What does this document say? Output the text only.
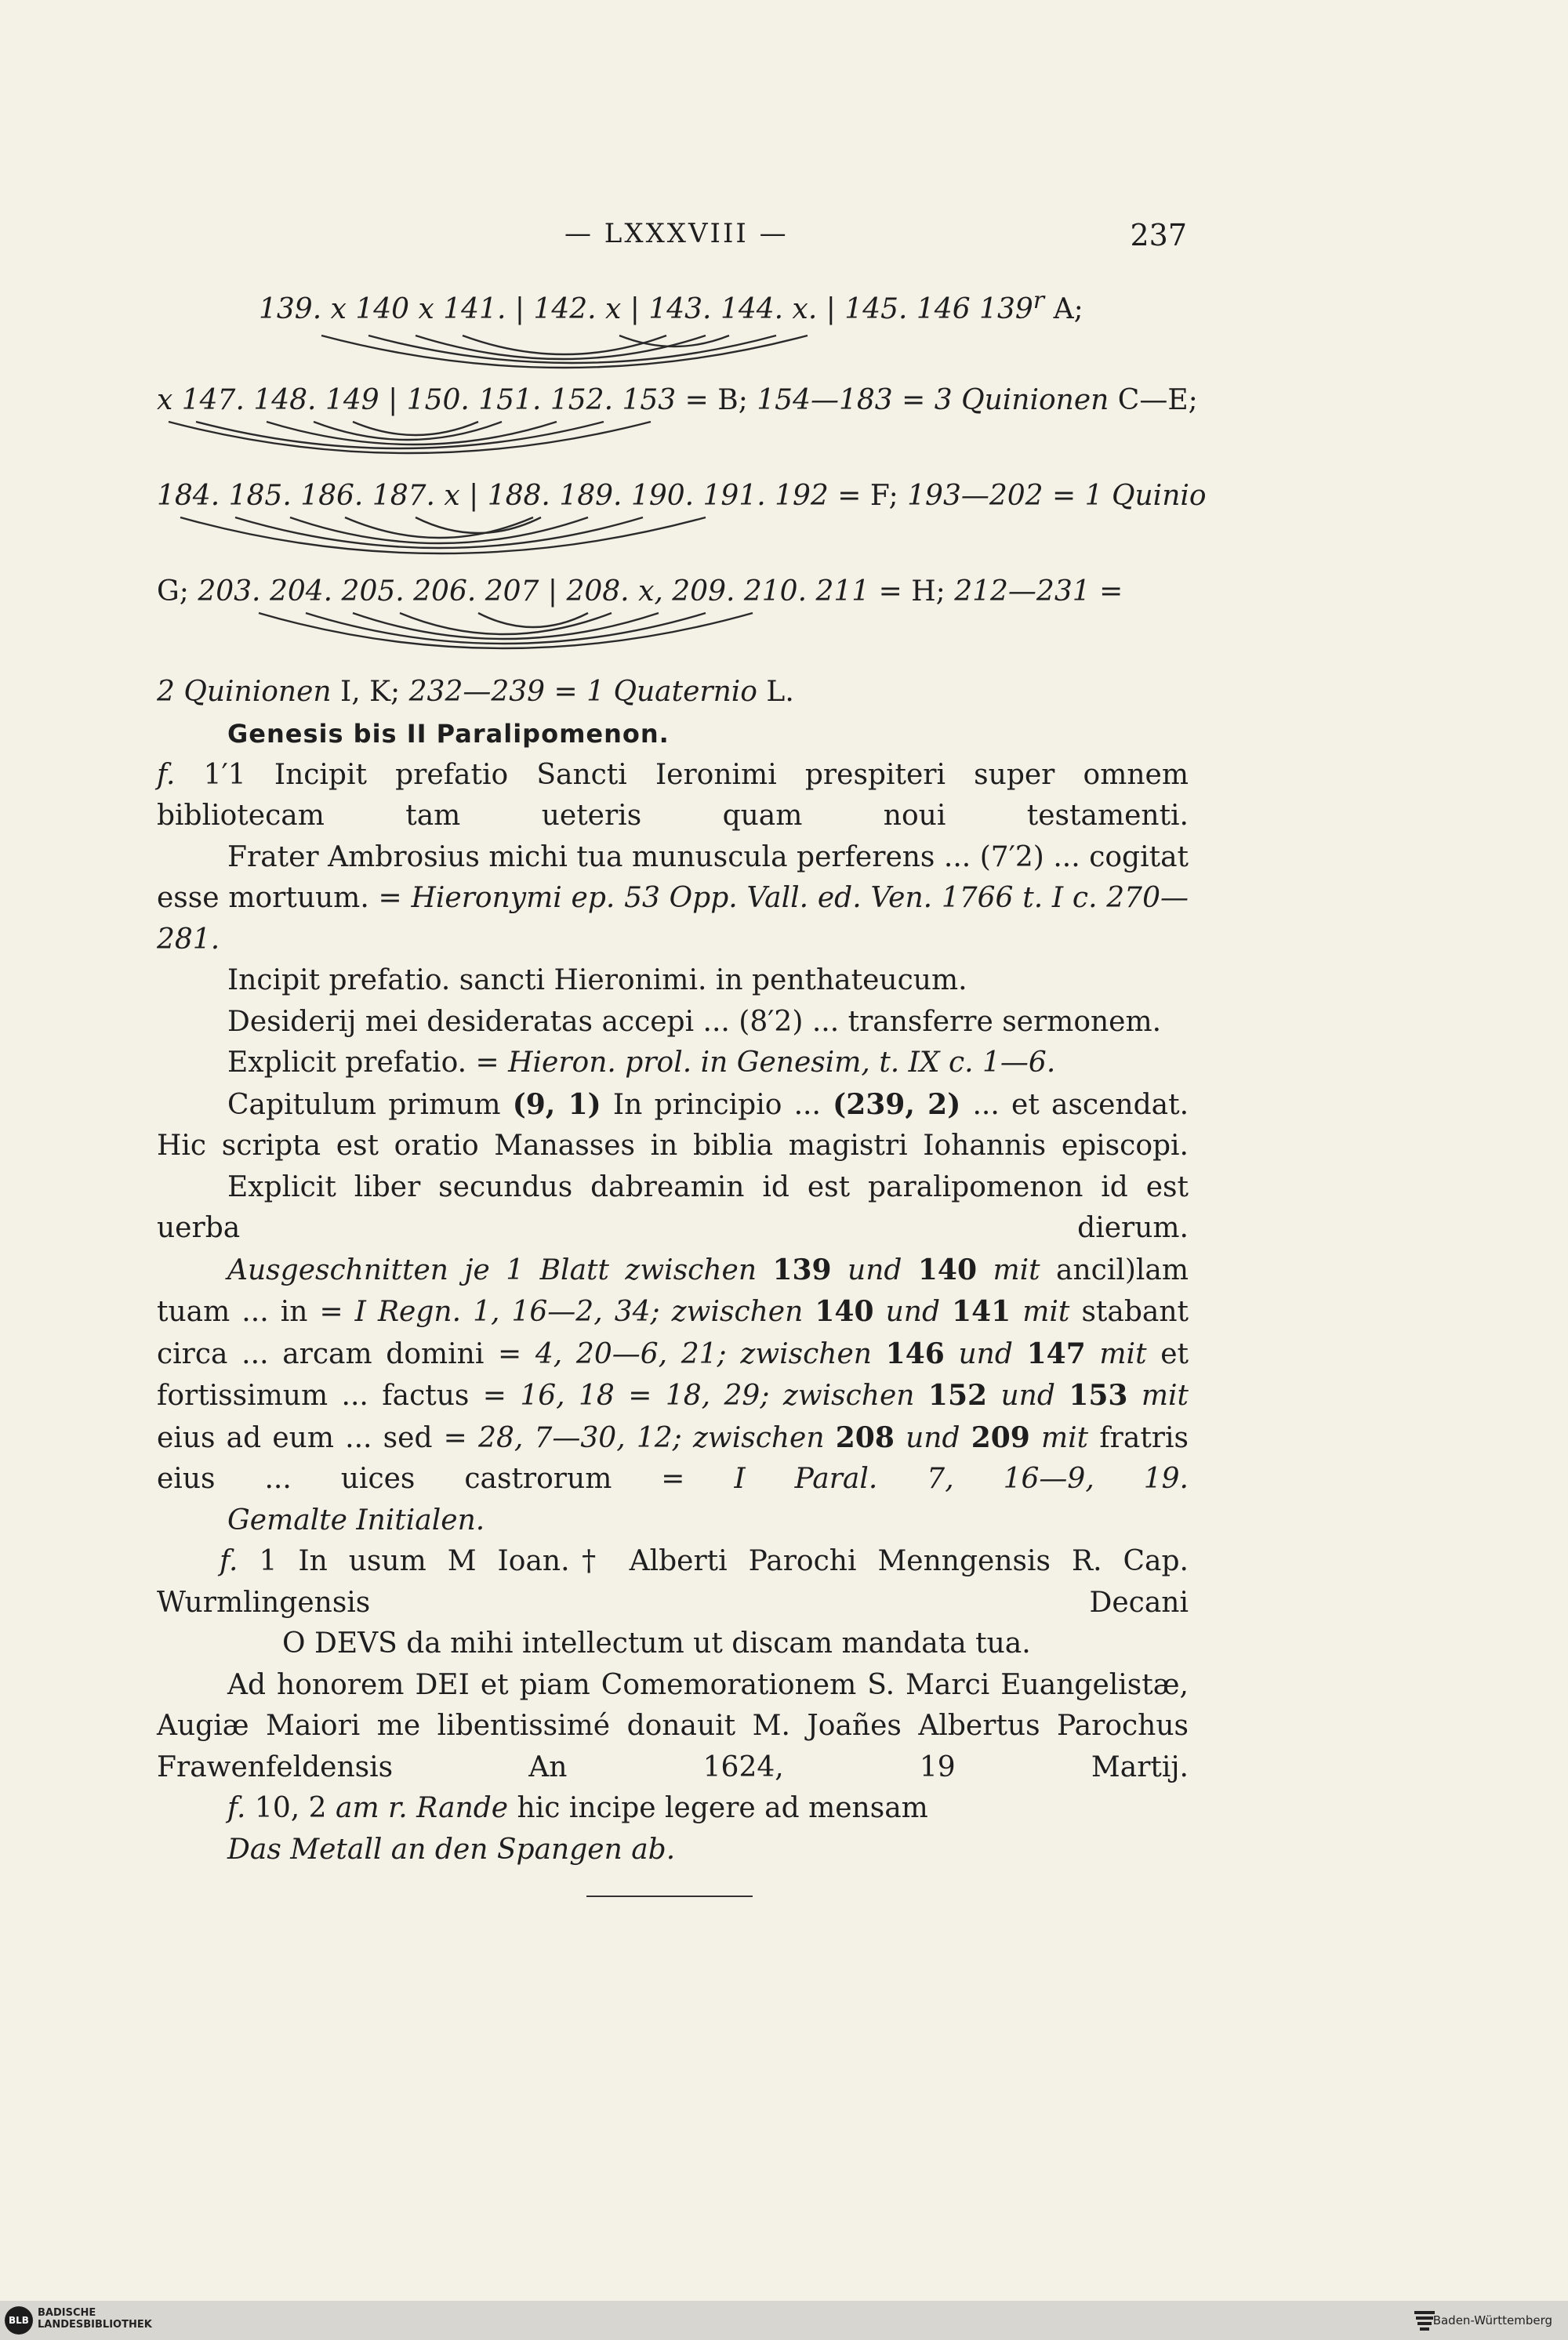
— LXXXVIII —	237
139. x 140 x 141. | 142. x | 143. 144. x. | 145. 146 139$^r$ A;
x 147. 148. 149 | 150. 151. 152. 153 = B; 154—183 = 3 Quinionen C—E;
184. 185. 186. 187. x | 188. 189. 190. 191. 192 = F; 193—202 = 1 Quinio
G; 203. 204. 205. 206. 207 | 208. x, 209. 210. 211 = H; 212—231 =
2 Quinionen I, K; 232—239 = 1 Quaternio L.

Genesis bis II Paralipomenon.

f. 1′1 Incipit prefatio Sancti Ieronimi prespiteri super omnem bibliotecam tam ueteris quam noui testamenti.

Frater Ambrosius michi tua munuscula perferens ... (7′2) ... cogitat esse mortuum. = Hieronymi ep. 53 Opp. Vall. ed. Ven. 1766 t. I c. 270—281.

Incipit prefatio. sancti Hieronimi. in penthateucum.

Desiderij mei desideratas accepi ... (8′2) ... transferre sermonem.

Explicit prefatio. = Hieron. prol. in Genesim, t. IX c. 1—6.

Capitulum primum (9, 1) In principio ... (239, 2) ... et ascendat. Hic scripta est oratio Manasses in biblia magistri Iohannis episcopi.

Explicit liber secundus dabreamin id est paralipomenon id est uerba dierum.

Ausgeschnitten je 1 Blatt zwischen 139 und 140 mit ancil)lam tuam ... in = I Regn. 1, 16—2, 34; zwischen 140 und 141 mit stabant circa ... arcam domini = 4, 20—6, 21; zwischen 146 und 147 mit et fortissimum ... factus = 16, 18 = 18, 29; zwischen 152 und 153 mit eius ad eum ... sed = 28, 7—30, 12; zwischen 208 und 209 mit fratris eius ... uices castrorum = I Paral. 7, 16—9, 19.

Gemalte Initialen.

f. 1 In usum M Ioan.† Alberti Parochi Menngensis R. Cap. Wurmlingensis Decani

O DEVS da mihi intellectum ut discam mandata tua.

Ad honorem DEI et piam Comemorationem S. Marci Euangelistæ, Augiæ Maiori me libentissimé donauit M. Joañes Albertus Parochus Frawenfeldensis An 1624, 19 Martij.

f. 10, 2 am r. Rande hic incipe legere ad mensam

Das Metall an den Spangen ab.

BLB
BADISCHE
LANDESBIBLIOTHEK	Baden-Württemberg
